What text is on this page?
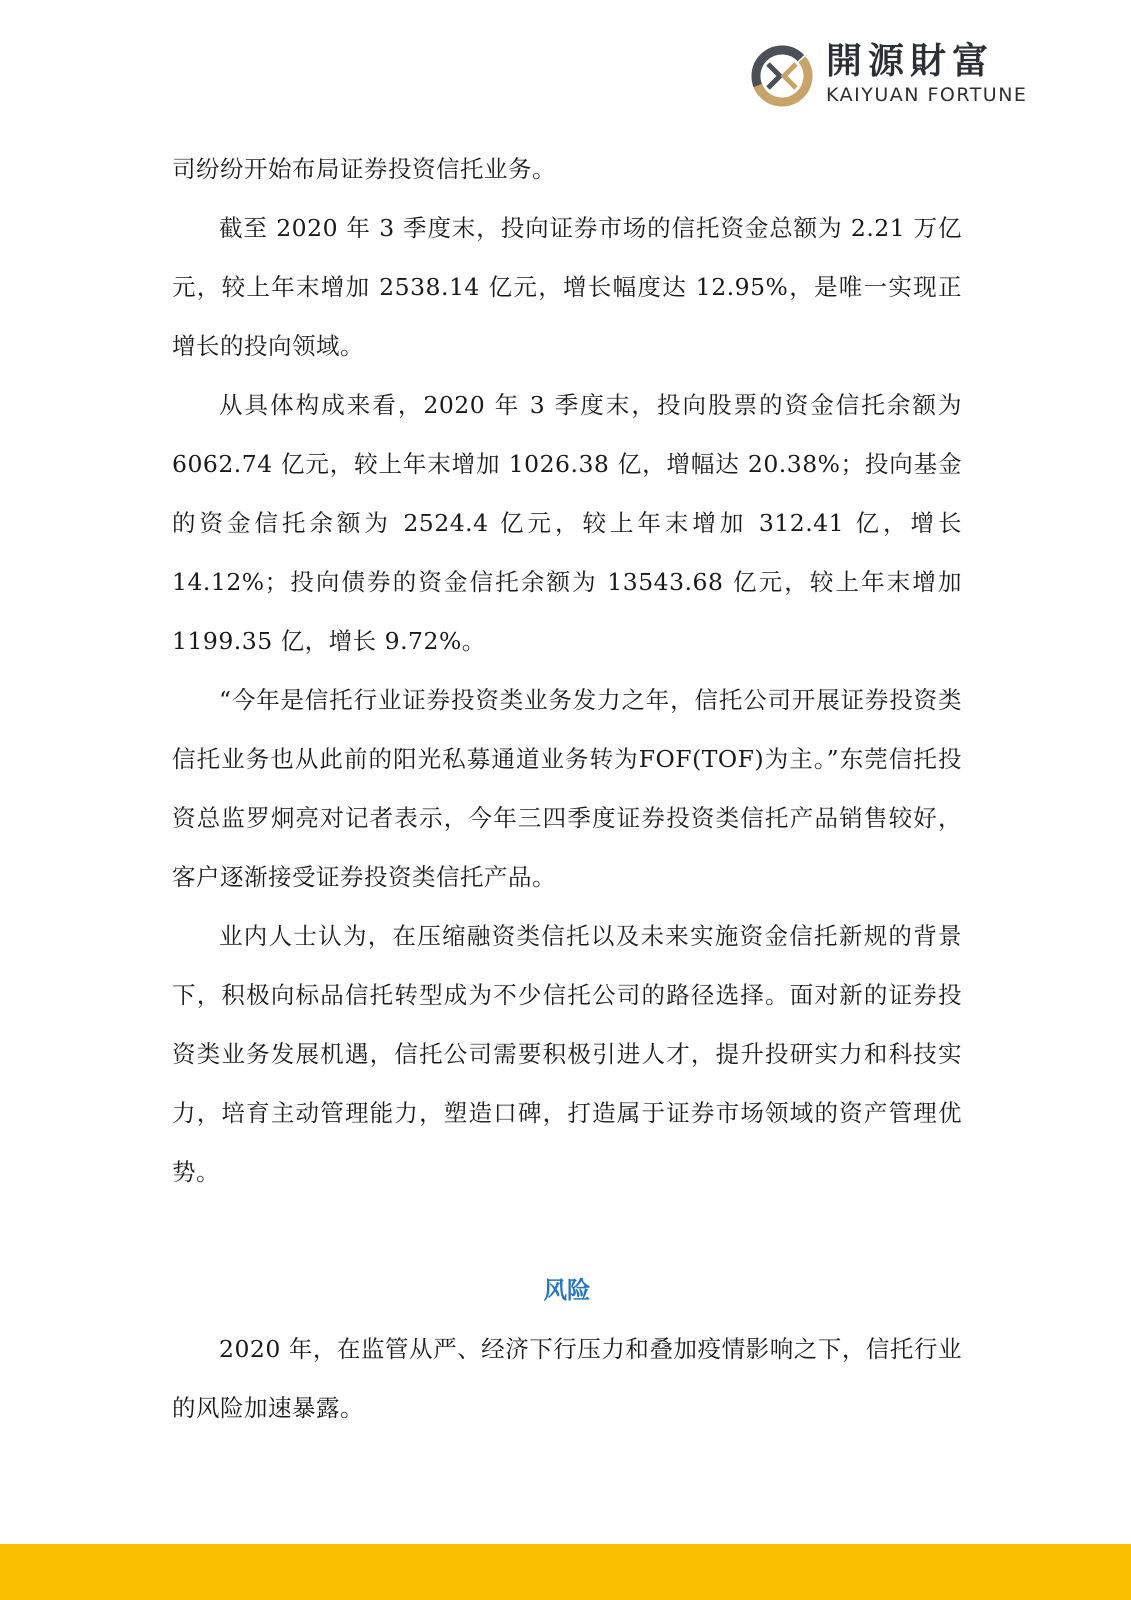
開源財富
KAIYUAN FORTUNE

司纷纷开始布局证券投资信托业务。

截至 2020 年 3 季度末，投向证券市场的信托资金总额为 2.21 万亿元，较上年末增加 2538.14 亿元，增长幅度达 12.95%，是唯一实现正增长的投向领域。

从具体构成来看，2020 年 3 季度末，投向股票的资金信托余额为 6062.74 亿元，较上年末增加 1026.38 亿，增幅达 20.38%；投向基金的资金信托余额为 2524.4 亿元，较上年末增加 312.41 亿，增长 14.12%；投向债券的资金信托余额为 13543.68 亿元，较上年末增加 1199.35 亿，增长 9.72%。

“今年是信托行业证券投资类业务发力之年，信托公司开展证券投资类信托业务也从此前的阳光私募通道业务转为FOF(TOF)为主。”东莞信托投资总监罗炯亮对记者表示，今年三四季度证券投资类信托产品销售较好，客户逐渐接受证券投资类信托产品。

业内人士认为，在压缩融资类信托以及未来实施资金信托新规的背景下，积极向标品信托转型成为不少信托公司的路径选择。面对新的证券投资类业务发展机遇，信托公司需要积极引进人才，提升投研实力和科技实力，培育主动管理能力，塑造口碑，打造属于证券市场领域的资产管理优势。

风险

2020 年，在监管从严、经济下行压力和叠加疫情影响之下，信托行业的风险加速暴露。
